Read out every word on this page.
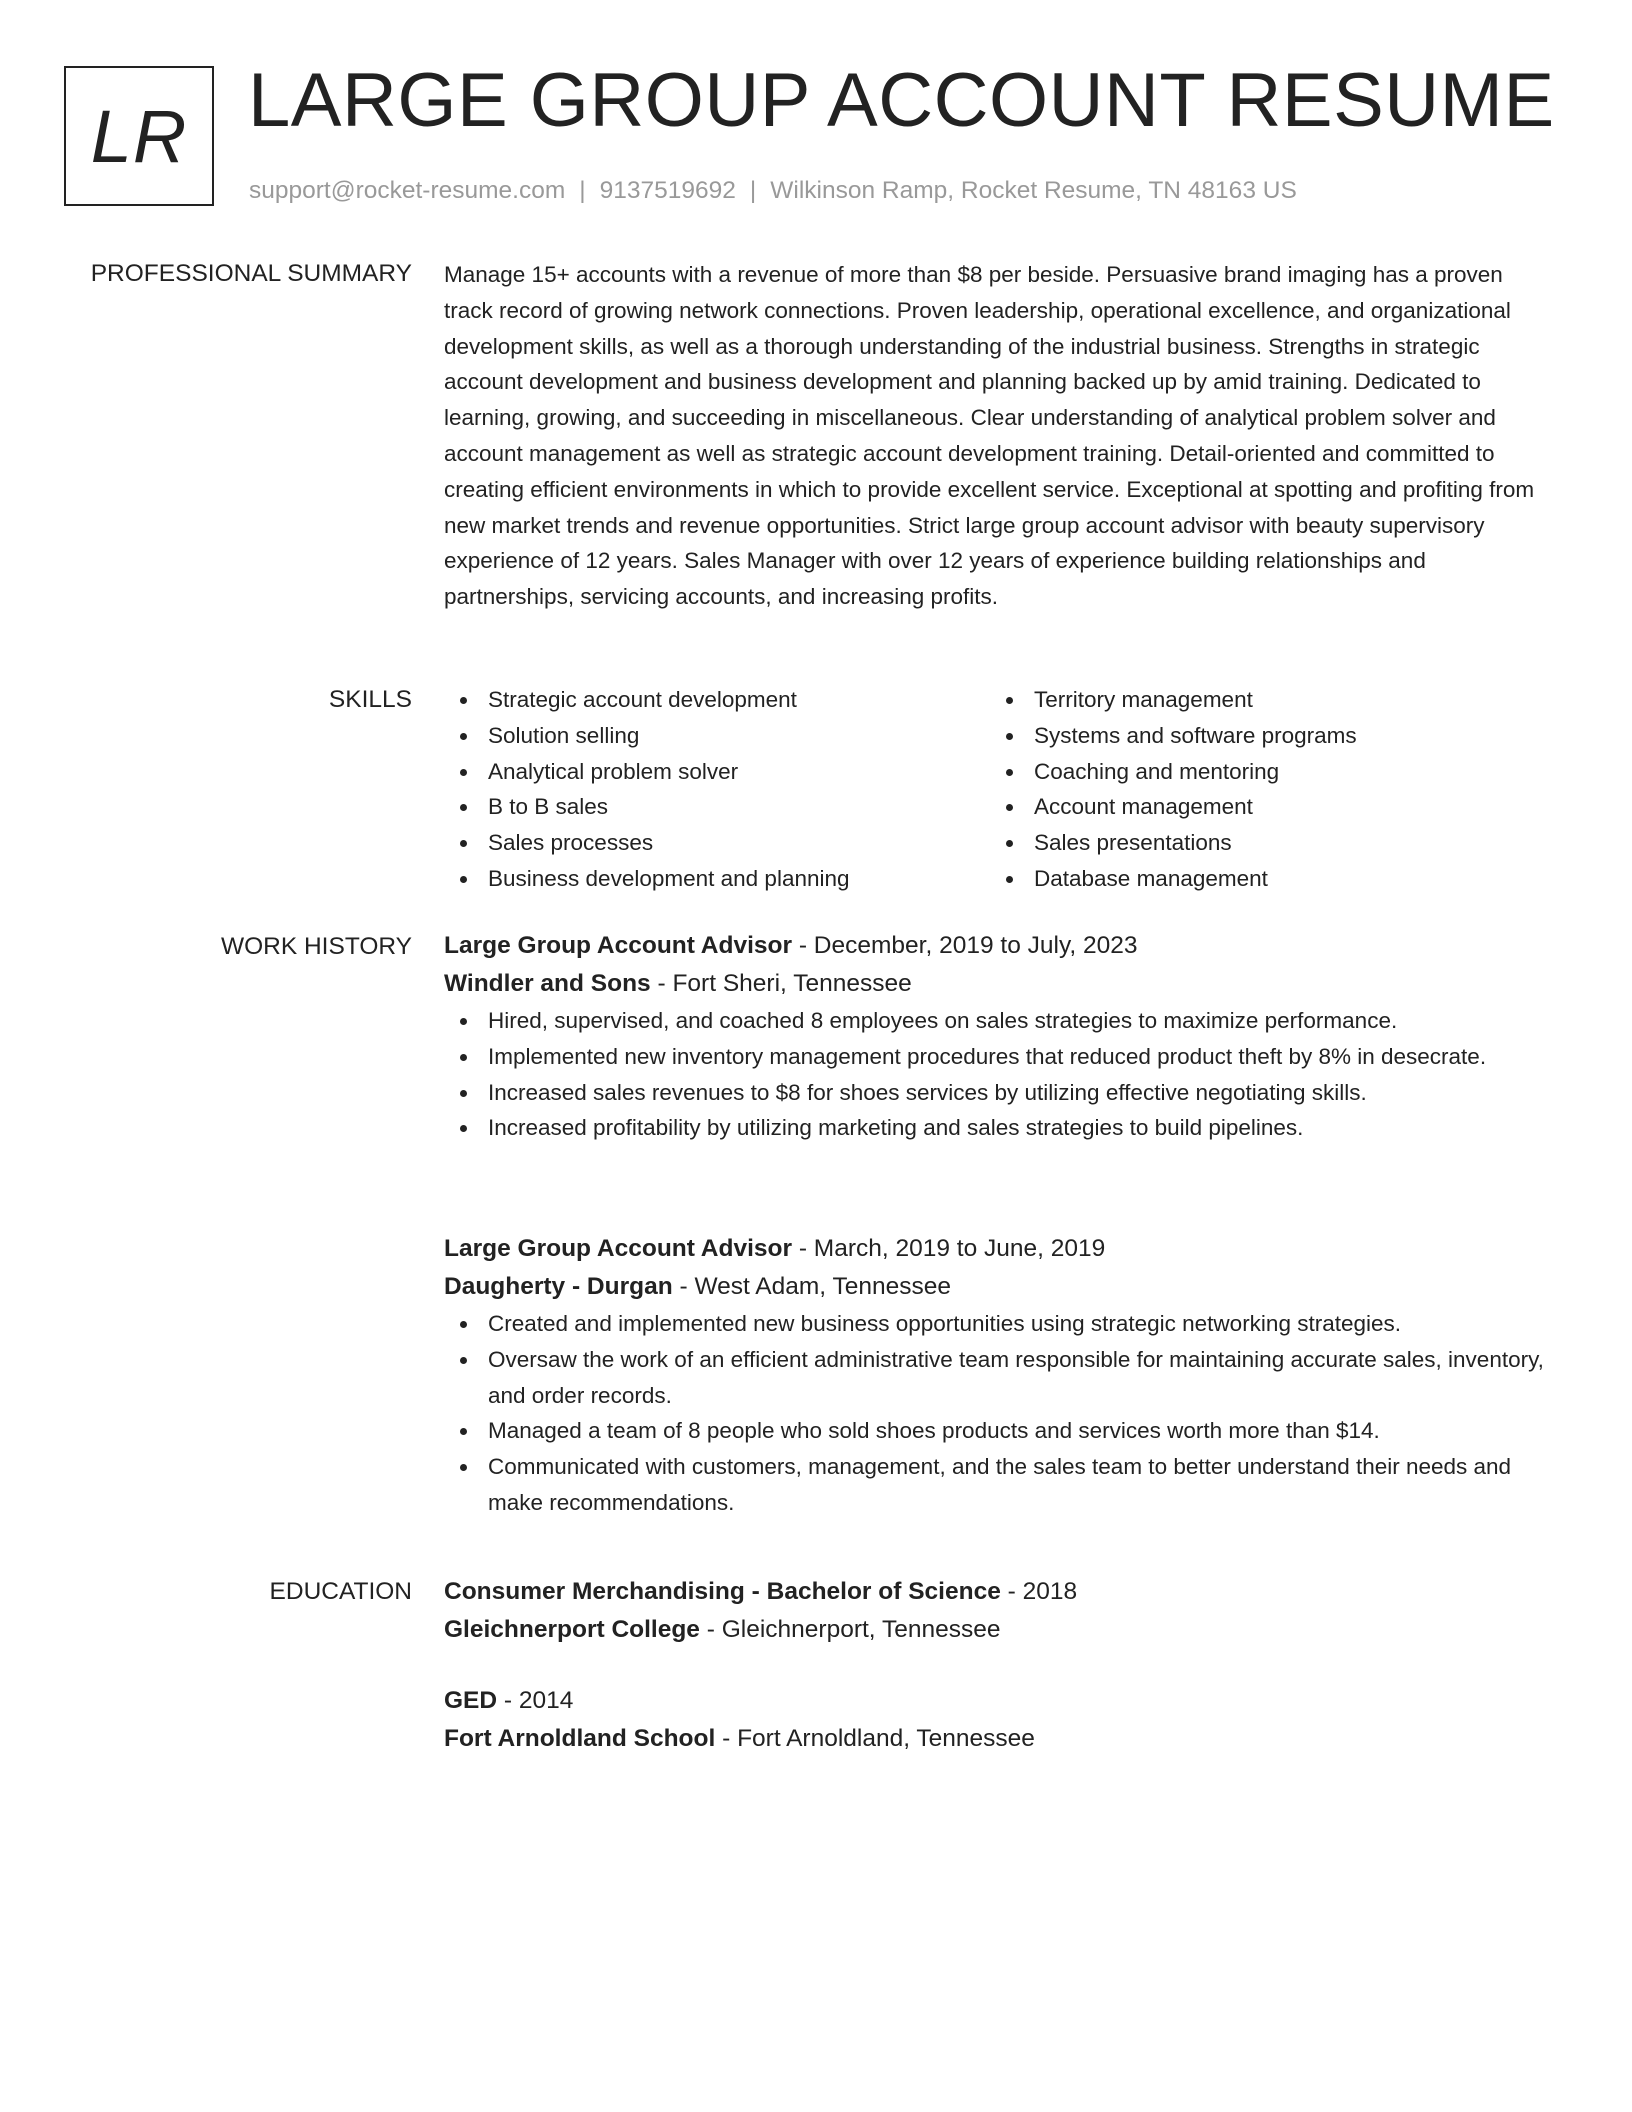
LR LARGE GROUP ACCOUNT RESUME
support@rocket-resume.com | 9137519692 | Wilkinson Ramp, Rocket Resume, TN 48163 US
PROFESSIONAL SUMMARY Manage 15+ accounts with a revenue of more than $8 per beside. Persuasive brand imaging has a proven track record of growing network connections. Proven leadership, operational excellence, and organizational development skills, as well as a thorough understanding of the industrial business. Strengths in strategic account development and business development and planning backed up by amid training. Dedicated to learning, growing, and succeeding in miscellaneous. Clear understanding of analytical problem solver and account management as well as strategic account development training. Detail-oriented and committed to creating efficient environments in which to provide excellent service. Exceptional at spotting and profiting from new market trends and revenue opportunities. Strict large group account advisor with beauty supervisory experience of 12 years. Sales Manager with over 12 years of experience building relationships and partnerships, servicing accounts, and increasing profits.

SKILLS	Strategic account development
Solution selling
Analytical problem solver
B to B sales
Sales processes
Business development and planning
Territory management
Systems and software programs
Coaching and mentoring
Account management
Sales presentations
Database management
WORK HISTORY Large Group Account Advisor - December, 2019 to July, 2023
Windler and Sons - Fort Sheri, Tennessee
Hired, supervised, and coached 8 employees on sales strategies to maximize performance.
Implemented new inventory management procedures that reduced product theft by 8% in desecrate.
Increased sales revenues to $8 for shoes services by utilizing effective negotiating skills.
Increased profitability by utilizing marketing and sales strategies to build pipelines.
Large Group Account Advisor - March, 2019 to June, 2019
Daugherty - Durgan - West Adam, Tennessee
Created and implemented new business opportunities using strategic networking strategies.
Oversaw the work of an efficient administrative team responsible for maintaining accurate sales, inventory, and order records.
Managed a team of 8 people who sold shoes products and services worth more than $14.
Communicated with customers, management, and the sales team to better understand their needs and make recommendations.
EDUCATION Consumer Merchandising - Bachelor of Science - 2018
Gleichnerport College - Gleichnerport, Tennessee
GED - 2014
Fort Arnoldland School - Fort Arnoldland, Tennessee
